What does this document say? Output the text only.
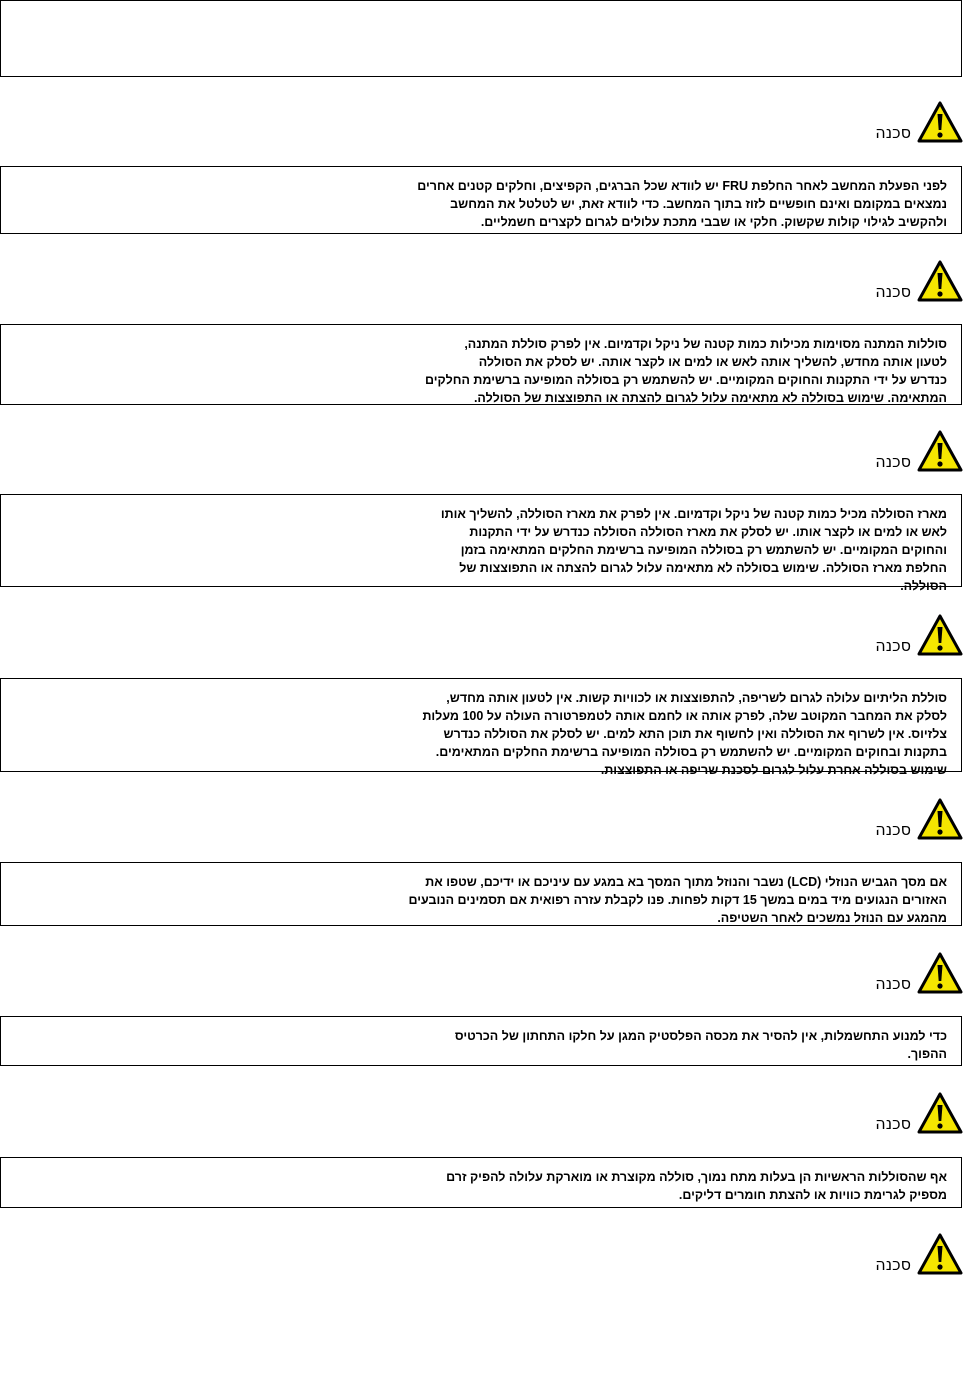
סכנה

לפני הפעלת המחשב לאחר החלפת FRU יש לוודא שכל הברגים, הקפיצים, וחלקים קטנים אחרים
נמצאים במקומם ואינם חופשיים לזוז בתוך המחשב. כדי לוודא זאת, יש לטלטל את המחשב
ולהקשיב לגילוי קולות שקשוק. חלקי או שבבי מתכת עלולים לגרום לקצרים חשמליים.

סכנה

סוללות המתנה מסוימות מכילות כמות קטנה של ניקל וקדמיום. אין לפרק סוללת המתנה,
לטעון אותה מחדש, להשליך אותה לאש או למים או לקצר אותה. יש לסלק את הסוללה
כנדרש על ידי התקנות והחוקים המקומיים. יש להשתמש רק בסוללה המופיעה ברשימת החלקים
המתאימה. שימוש בסוללה לא מתאימה עלול לגרום להצתה או התפוצצות של הסוללה.

סכנה

מארז הסוללה מכיל כמות קטנה של ניקל וקדמיום. אין לפרק את מארז הסוללה, להשליך אותו
לאש או למים או לקצר אותו. יש לסלק את מארז הסוללה הסוללה כנדרש על ידי התקנות
והחוקים המקומיים. יש להשתמש רק בסוללה המופיעה ברשימת החלקים המתאימה בזמן
החלפת מארז הסוללה. שימוש בסוללה לא מתאימה עלול לגרום להצתה או התפוצצות של
הסוללה.

סכנה

סוללת הליתיום עלולה לגרום לשריפה, להתפוצצות או לכוויות קשות. אין לטעון אותה מחדש,
לסלק את המחבר המקוטב שלה, לפרק אותה או לחמם אותה לטמפרטורה העולה על 100 מעלות
צלזיוס. אין לשרוף את הסוללה ואין לחשוף את תוכן התא למים. יש לסלק את הסוללה כנדרש
בתקנות ובחוקים המקומיים. יש להשתמש רק בסוללה המופיעה ברשימת החלקים המתאימים.
שימוש בסוללה אחרת עלול לגרום לסכנת שריפה או התפוצצות.

סכנה

אם מסך הגביש הנוזלי (LCD) נשבר והנוזל מתוך המסך בא במגע עם עיניכם או ידיכם, שטפו את
האזורים הנגועים מיד במים במשך 15 דקות לפחות. פנו לקבלת עזרה רפואית אם תסמינים הנובעים
מהמגע עם הנוזל נמשכים לאחר השטיפה.

סכנה

כדי למנוע התחשמלות, אין להסיר את מכסה הפלסטיק המגן על חלקו התחתון של הכרטיס
ההפוך.

סכנה

אף שהסוללות הראשיות הן בעלות מתח נמוך, סוללה מקוצרת או מוארקת עלולה להפיק זרם
מספיק לגרימת כוויות או להצתת חומרים דליקים.

סכנה
